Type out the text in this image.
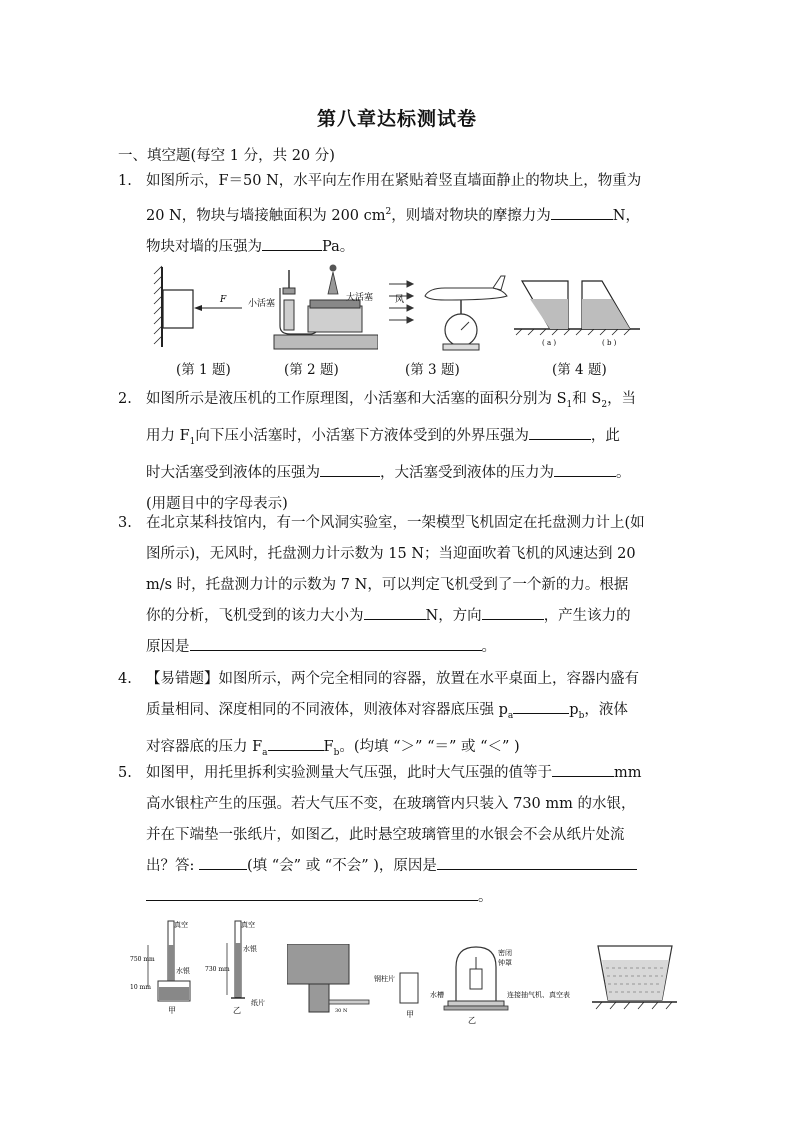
第八章达标测试卷
一、填空题(每空 1 分，共 20 分)
1. 如图所示，F＝50 N，水平向左作用在紧贴着竖直墙面静止的物块上，物重为
20 N，物块与墙接触面积为 200 $cm^2$，则墙对物块的摩擦力为	N，
物块对墙的压强为	Pa。
F 小活塞
大活塞 风
( a )	( b )
(第 1 题)	(第 2 题)	(第 3 题)	(第 4 题)
2. 如图所示是液压机的工作原理图，小活塞和大活塞的面积分别为 $S_1$和 $S_2$，当
用力 $F_1$向下压小活塞时，小活塞下方液体受到的外界压强为	，此
时大活塞受到液体的压强为	，大活塞受到液体的压力为	。
(用题目中的字母表示)
3. 在北京某科技馆内，有一个风洞实验室，一架模型飞机固定在托盘测力计上(如
图所示)，无风时，托盘测力计示数为 15 N；当迎面吹着飞机的风速达到 20
m/s 时，托盘测力计的示数为 7 N，可以判定飞机受到了一个新的力。根据
你的分析，飞机受到的该力大小为	N，方向	，产生该力的
原因是	。
4. 【易错题】如图所示，两个完全相同的容器，放置在水平桌面上，容器内盛有
质量相同、深度相同的不同液体，则液体对容器底压强 $p_a$	$p_b$，液体
对容器底的压力 $F_a$	$F_b$。(均填 “＞” “＝” 或 “＜” )
5. 如图甲，用托里拆利实验测量大气压强，此时大气压强的值等于	mm
高水银柱产生的压强。若大气压不变，在玻璃管内只装入 730 mm 的水银，
并在下端垫一张纸片，如图乙，此时悬空玻璃管里的水银会不会从纸片处流
出？答:	(填 “会” 或 “不会” )，原因是
。
真空
水银
750 mm
10 mm
甲
真空
水银
730 mm
纸片
乙	30 N
钢柱片
甲
密闭
钟罩
水槽
乙
连接抽气机、真空表
